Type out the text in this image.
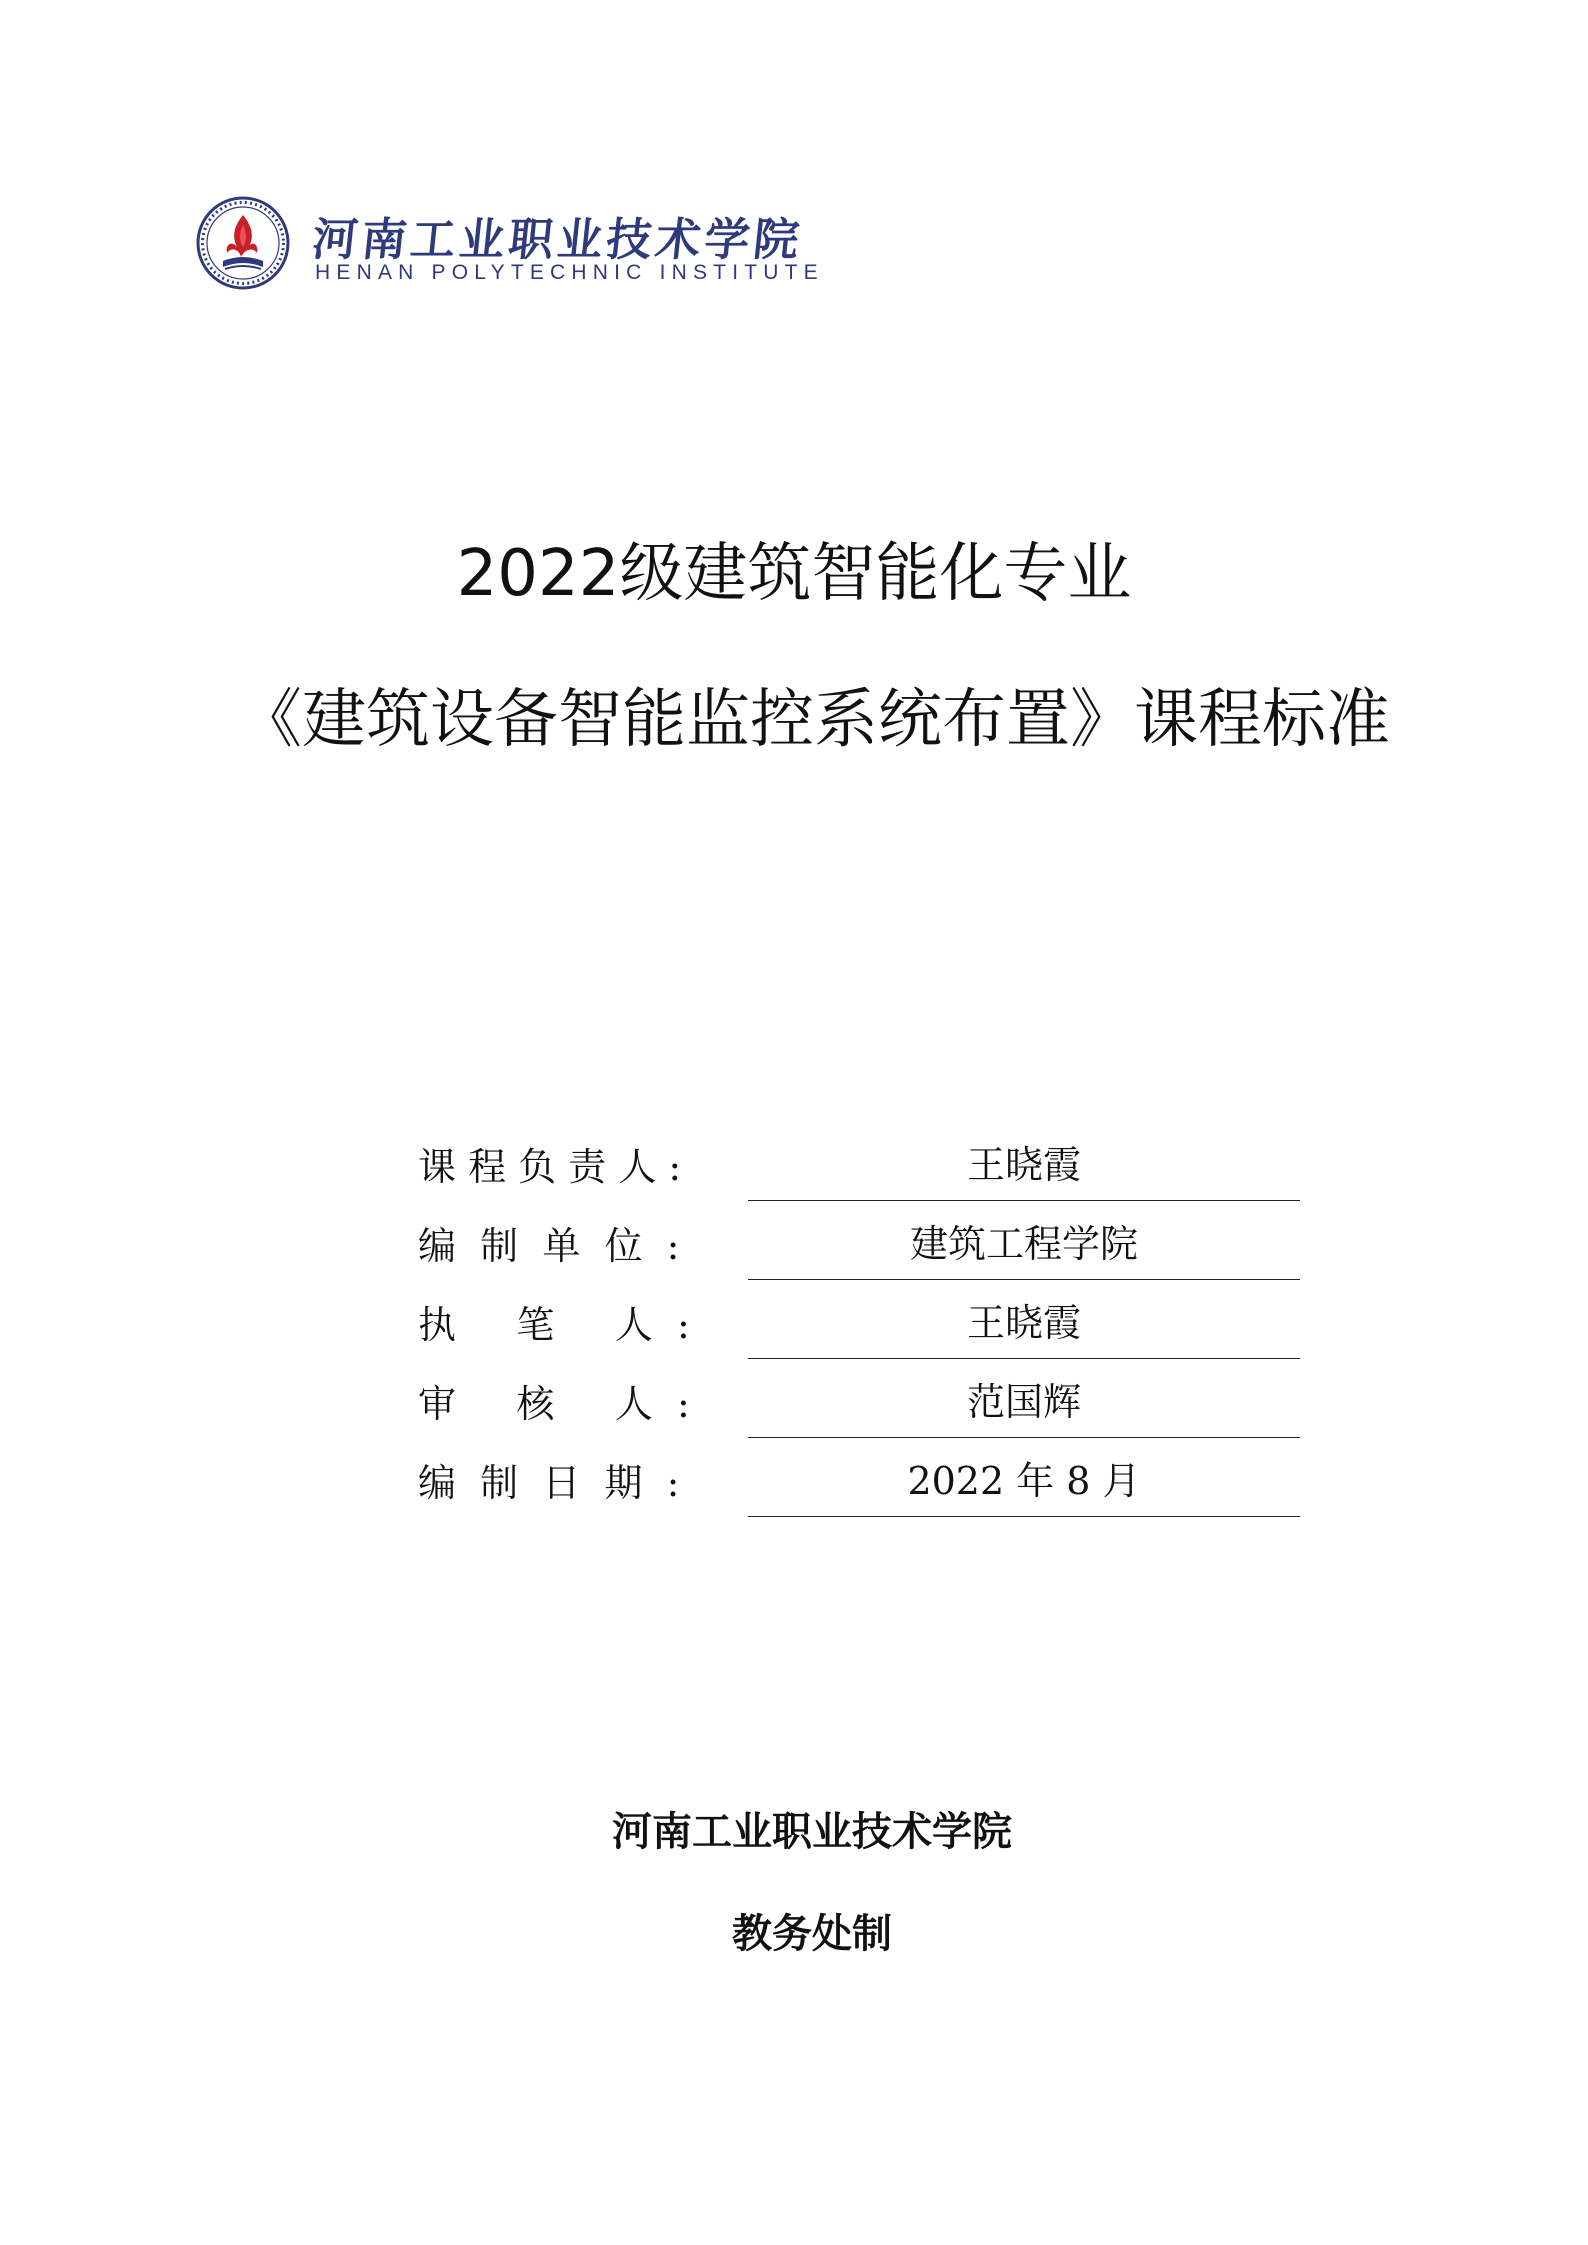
河南工业职业技术学院
HENAN POLYTECHNIC INSTITUTE
2022级建筑智能化专业
《建筑设备智能监控系统布置》课程标准
课 程 负 责 人 :	王晓霞
编  制  单  位  :	建筑工程学院
执     笔     人  :	王晓霞
审     核     人  :	范国辉
编  制  日  期  :	2022 年 8 月
河南工业职业技术学院
教务处制
